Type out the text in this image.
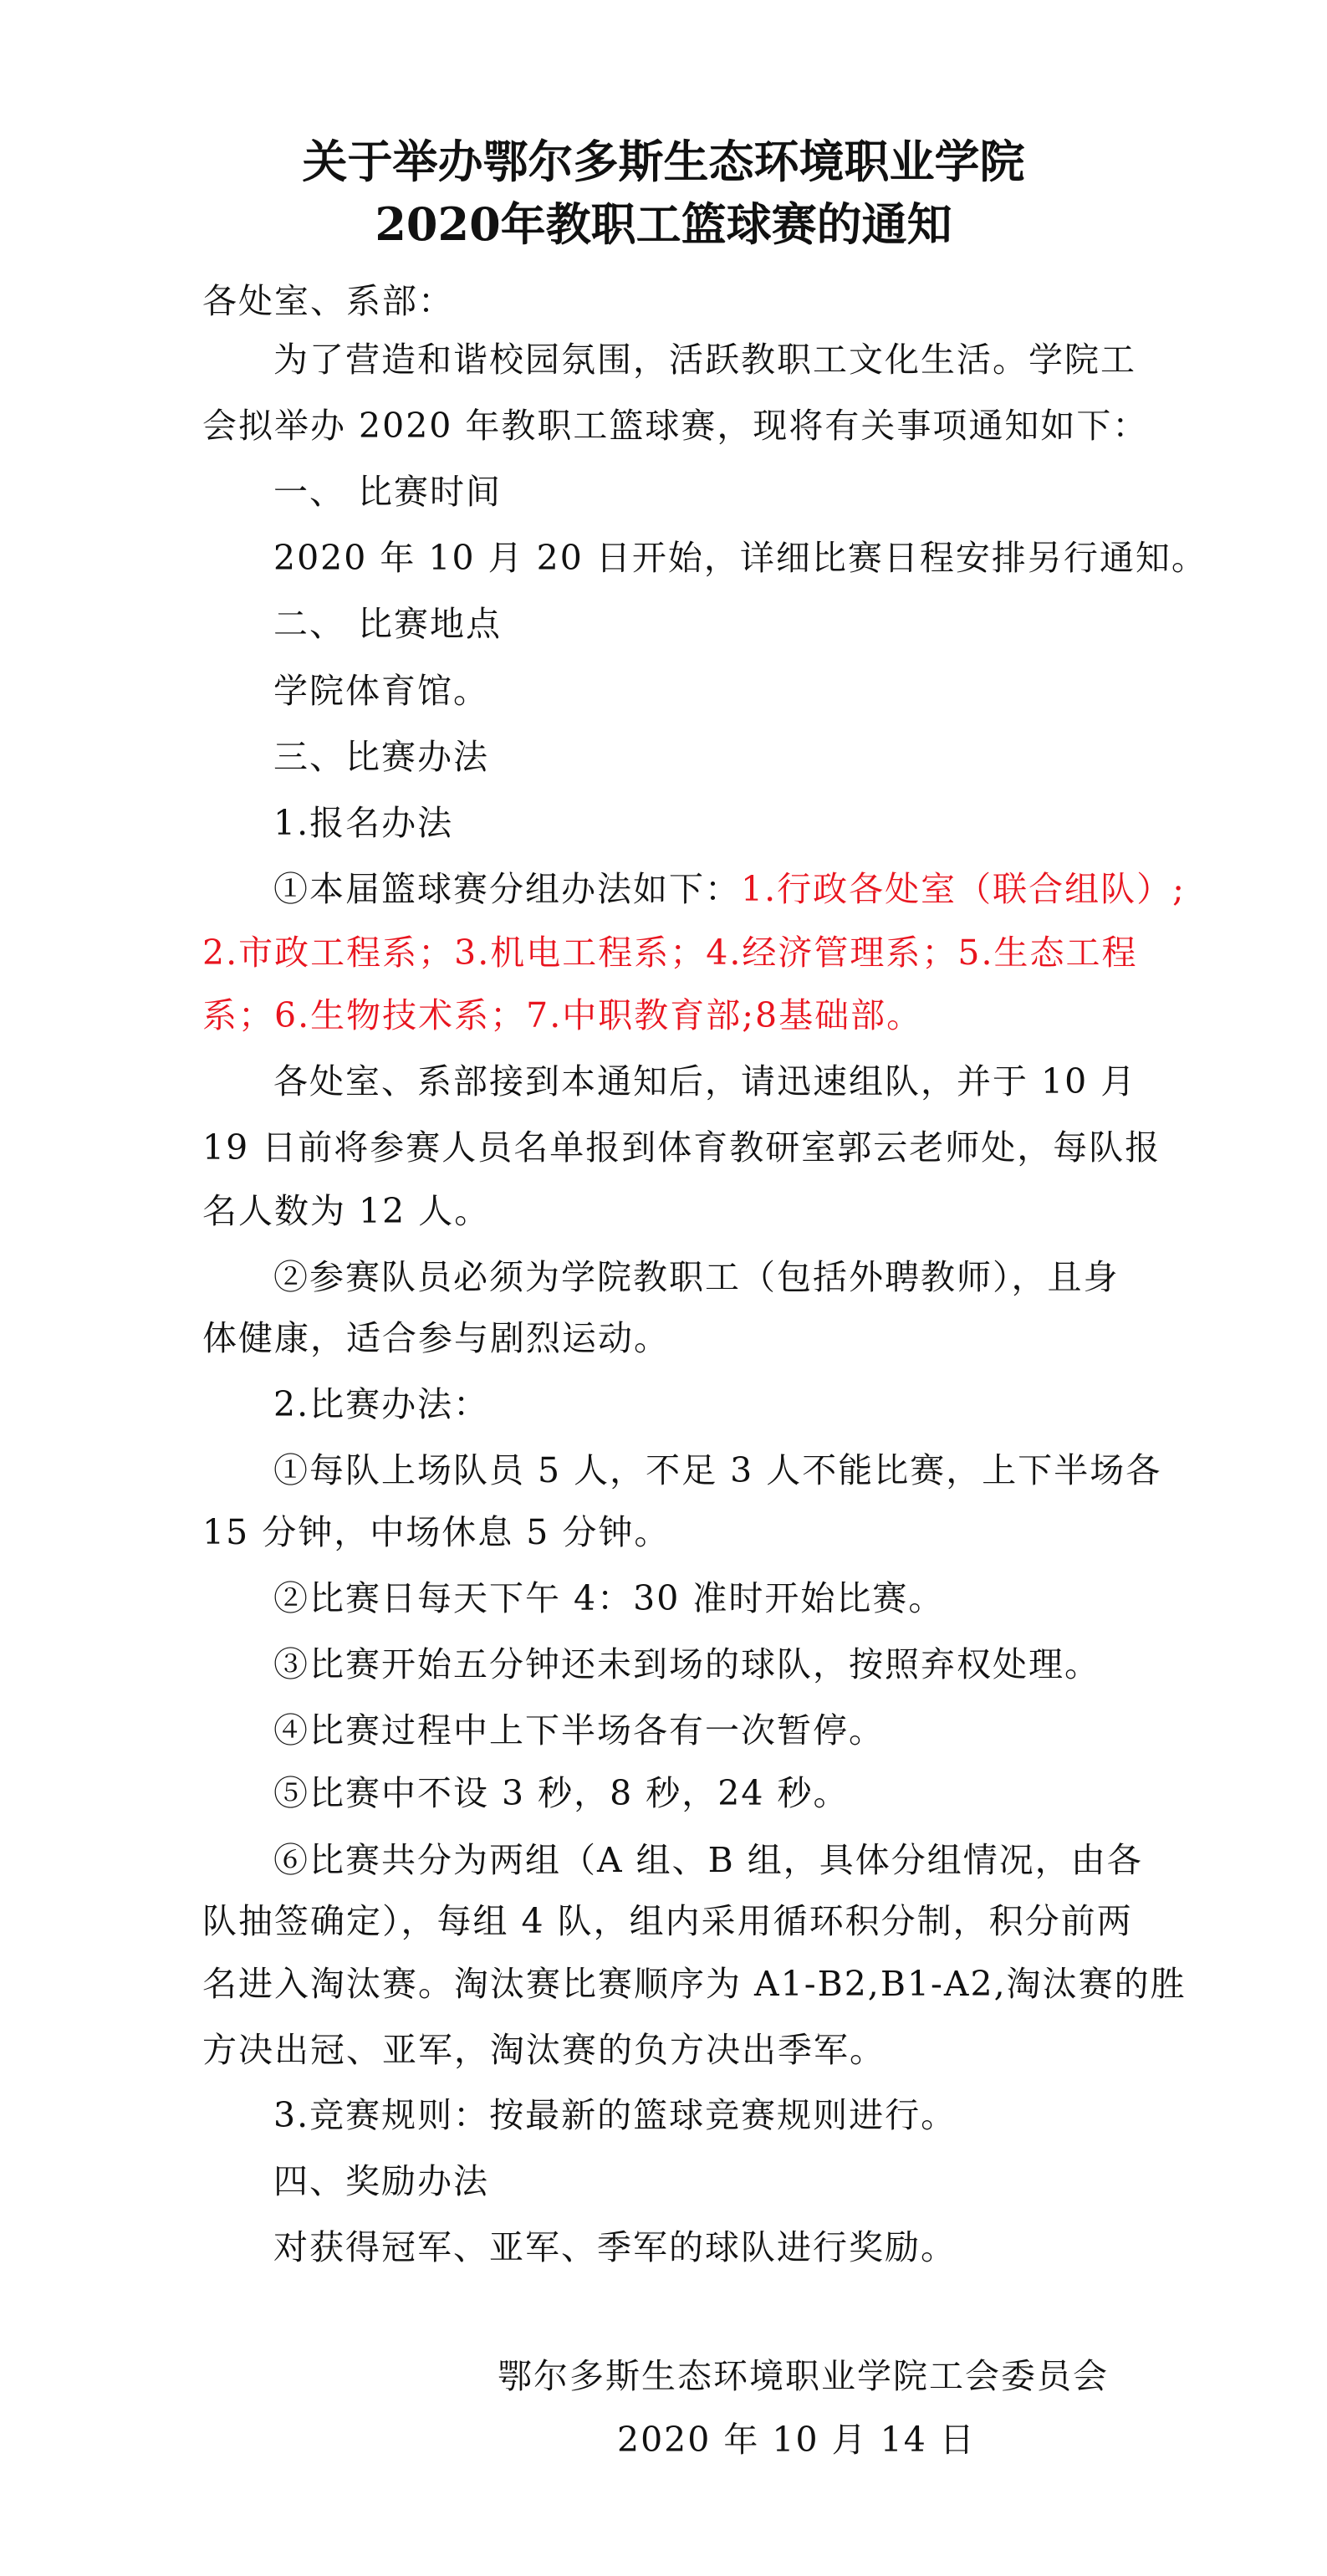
关于举办鄂尔多斯生态环境职业学院
2020年教职工篮球赛的通知
各处室、系部：
为了营造和谐校园氛围，活跃教职工文化生活。学院工
会拟举办 2020 年教职工篮球赛，现将有关事项通知如下：
一、 比赛时间
2020 年 10 月 20 日开始，详细比赛日程安排另行通知。
二、 比赛地点
学院体育馆。
三、比赛办法
1.报名办法
①本届篮球赛分组办法如下：1.行政各处室（联合组队）;
2.市政工程系；3.机电工程系；4.经济管理系；5.生态工程
系；6.生物技术系；7.中职教育部;8基础部。
各处室、系部接到本通知后，请迅速组队，并于 10 月
19 日前将参赛人员名单报到体育教研室郭云老师处，每队报
名人数为 12 人。
②参赛队员必须为学院教职工（包括外聘教师），且身
体健康，适合参与剧烈运动。
2.比赛办法：
①每队上场队员 5 人，不足 3 人不能比赛，上下半场各
15 分钟，中场休息 5 分钟。
②比赛日每天下午 4：30 准时开始比赛。
③比赛开始五分钟还未到场的球队，按照弃权处理。
④比赛过程中上下半场各有一次暂停。
⑤比赛中不设 3 秒，8 秒，24 秒。
⑥比赛共分为两组（A 组、B 组，具体分组情况，由各
队抽签确定），每组 4 队，组内采用循环积分制，积分前两
名进入淘汰赛。淘汰赛比赛顺序为 A1-B2,B1-A2,淘汰赛的胜
方决出冠、亚军，淘汰赛的负方决出季军。
3.竞赛规则：按最新的篮球竞赛规则进行。
四、奖励办法
对获得冠军、亚军、季军的球队进行奖励。
鄂尔多斯生态环境职业学院工会委员会
2020 年 10 月 14 日
